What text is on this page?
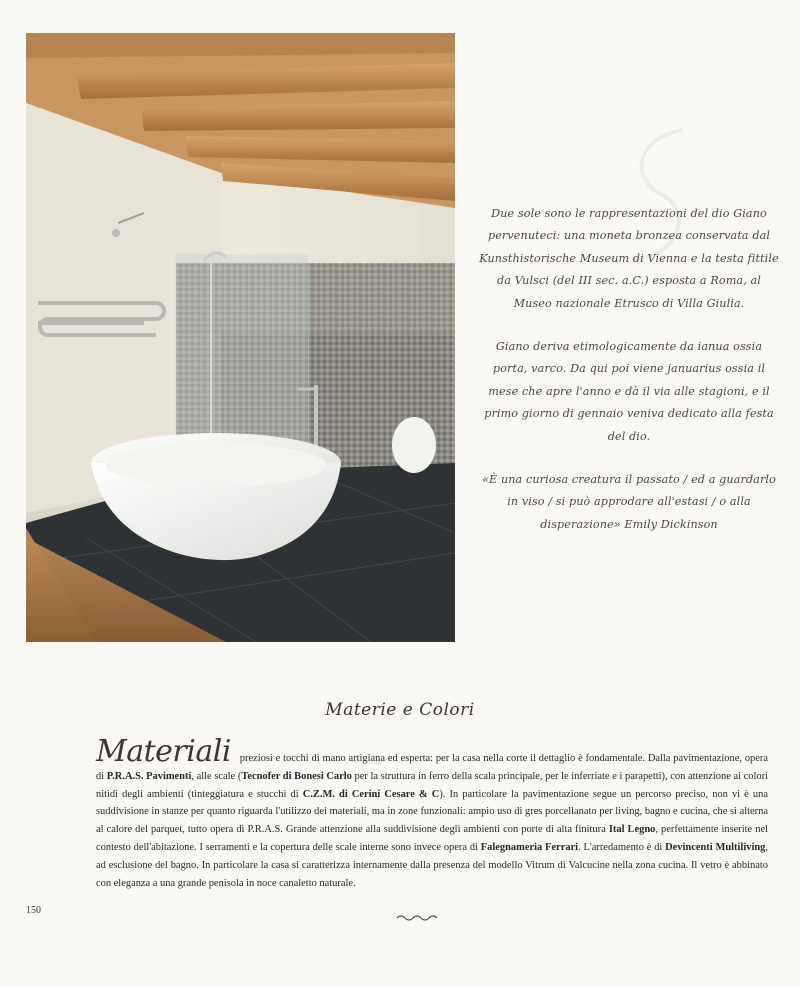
Due sole sono le rappresentazioni del dio Giano pervenuteci: una moneta bronzea conservata dal Kunsthistorische Museum di Vienna e la testa fittile da Vulsci (del III sec. a.C.) esposta a Roma, al Museo nazionale Etrusco di Villa Giulia.

Giano deriva etimologicamente da ianua ossia porta, varco. Da qui poi viene januarius ossia il mese che apre l'anno e dà il via alle stagioni, e il primo giorno di gennaio veniva dedicato alla festa del dio.

«È una curiosa creatura il passato / ed a guardarlo in viso / si può approdare all'estasi / o alla disperazione» Emily Dickinson

Materie e Colori
Materiali preziosi e tocchi di mano artigiana ed esperta: per la casa nella corte il dettaglio è fondamentale. Dalla pavimentazione, opera di P.R.A.S. Pavimenti, alle scale (Tecnofer di Bonesi Carlo per la struttura in ferro della scala principale, per le inferriate e i parapetti), con attenzione ai colori nitidi degli ambienti (tinteggiatura e stucchi di C.Z.M. di Cerini Cesare & C). In particolare la pavimentazione segue un percorso preciso, non vi è una suddivisione in stanze per quanto riguarda l'utilizzo dei materiali, ma in zone funzionali: ampio uso di gres porcellanato per living, bagno e cucina, che si alterna al calore del parquet, tutto opera di P.R.A.S. Grande attenzione alla suddivisione degli ambienti con porte di alta finitura Ital Legno, perfettamente inserite nel contesto dell'abitazione. I serramenti e la copertura delle scale interne sono invece opera di Falegnameria Ferrari. L'arredamento è di Devincenti Multiliving, ad esclusione del bagno. In particolare la casa si caratterizza internamente dalla presenza del modello Vitrum di Valcucine nella zona cucina. Il vetro è abbinato con eleganza a una grande penisola in noce canaletto naturale.
150
